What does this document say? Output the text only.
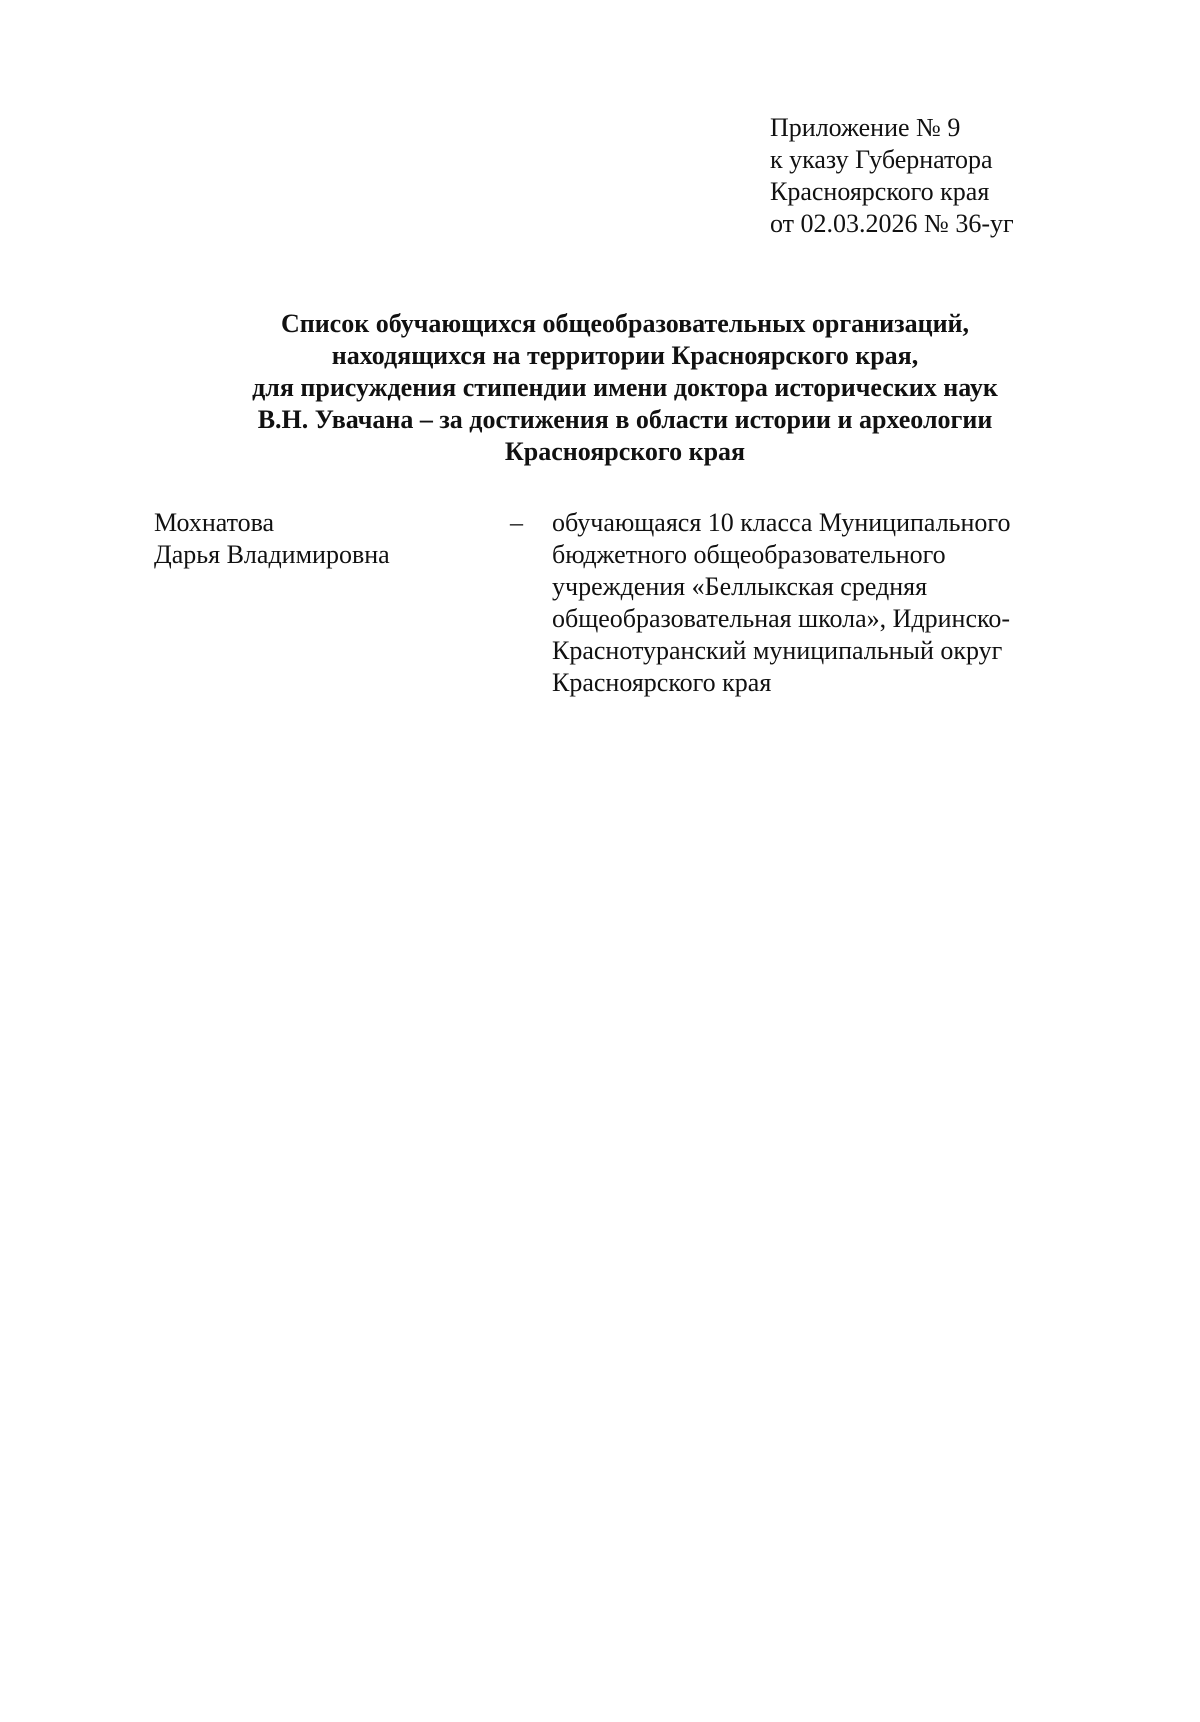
Приложение № 9
к указу Губернатора
Красноярского края
от 02.03.2026 № 36-уг
Список обучающихся общеобразовательных организаций,
находящихся на территории Красноярского края,
для присуждения стипендии имени доктора исторических наук
В.Н. Увачана – за достижения в области истории и археологии
Красноярского края
Мохнатова
Дарья Владимировна
– обучающаяся 10 класса Муниципального
бюджетного общеобразовательного
учреждения «Беллыкская средняя
общеобразовательная школа», Идринско-
Краснотуранский муниципальный округ
Красноярского края
